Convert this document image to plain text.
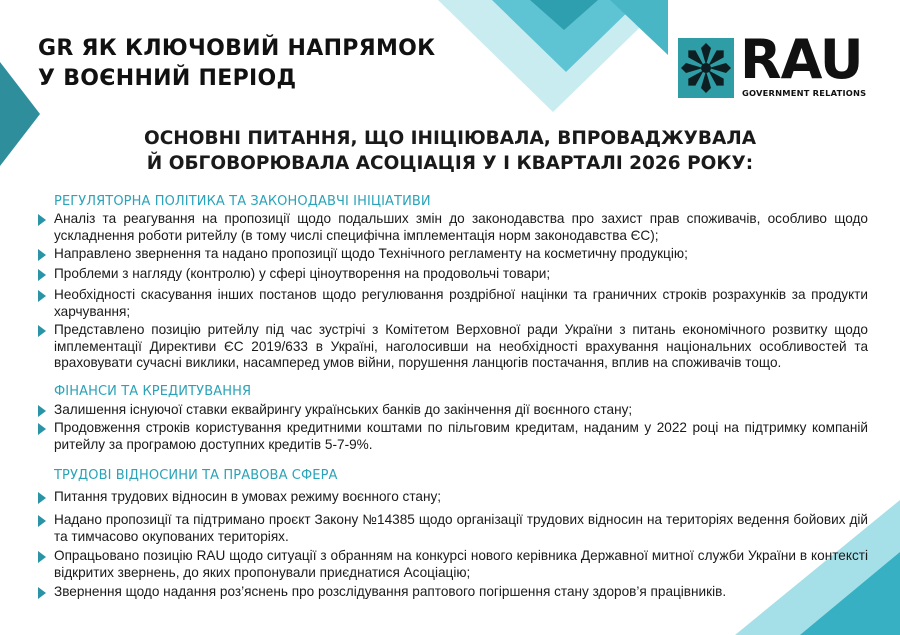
GR ЯК КЛЮЧОВИЙ НАПРЯМОК
У ВОЄННИЙ ПЕРІОД	RAU
GOVERNMENT RELATIONS
ОСНОВНІ ПИТАННЯ, ЩО ІНІЦІЮВАЛА, ВПРОВАДЖУВАЛА
Й ОБГОВОРЮВАЛА АСОЦІАЦІЯ У I КВАРТАЛІ 2026 РОКУ:
РЕГУЛЯТОРНА ПОЛІТИКА ТА ЗАКОНОДАВЧІ ІНІЦІАТИВИ
Аналіз та реагування на пропозиції щодо подальших змін до законодавства про захист прав споживачів, особливо щодо ускладнення роботи ритейлу (в тому числі специфічна імплементація норм законодавства ЄС);
Направлено звернення та надано пропозиції щодо Технічного регламенту на косметичну продукцію;
Проблеми з нагляду (контролю) у сфері ціноутворення на продовольчі товари;
Необхідності скасування інших постанов щодо регулювання роздрібної націнки та граничних строків розрахунків за продукти харчування;
Представлено позицію ритейлу під час зустрічі з Комітетом Верховної ради України з питань економічного розвитку щодо імплементації Директиви ЄС 2019/633 в Україні, наголосивши на необхідності врахування національних особливостей та враховувати сучасні виклики, насамперед умов війни, порушення ланцюгів постачання, вплив на споживачів тощо.
ФІНАНСИ ТА КРЕДИТУВАННЯ
Залишення існуючої ставки еквайрингу українських банків до закінчення дії воєнного стану;
Продовження строків користування кредитними коштами по пільговим кредитам, наданим у 2022 році на підтримку компаній ритейлу за програмою доступних кредитів 5-7-9%.
ТРУДОВІ ВІДНОСИНИ ТА ПРАВОВА СФЕРА
Питання трудових відносин в умовах режиму воєнного стану;
Надано пропозиції та підтримано проєкт Закону №14385 щодо організації трудових відносин на територіях ведення бойових дій та тимчасово окупованих територіях.
Опрацьовано позицію RAU щодо ситуації з обранням на конкурсі нового керівника Державної митної служби України в контексті відкритих звернень, до яких пропонували приєднатися Асоціацію;
Звернення щодо надання роз’яснень про розслідування раптового погіршення стану здоров’я працівників.
